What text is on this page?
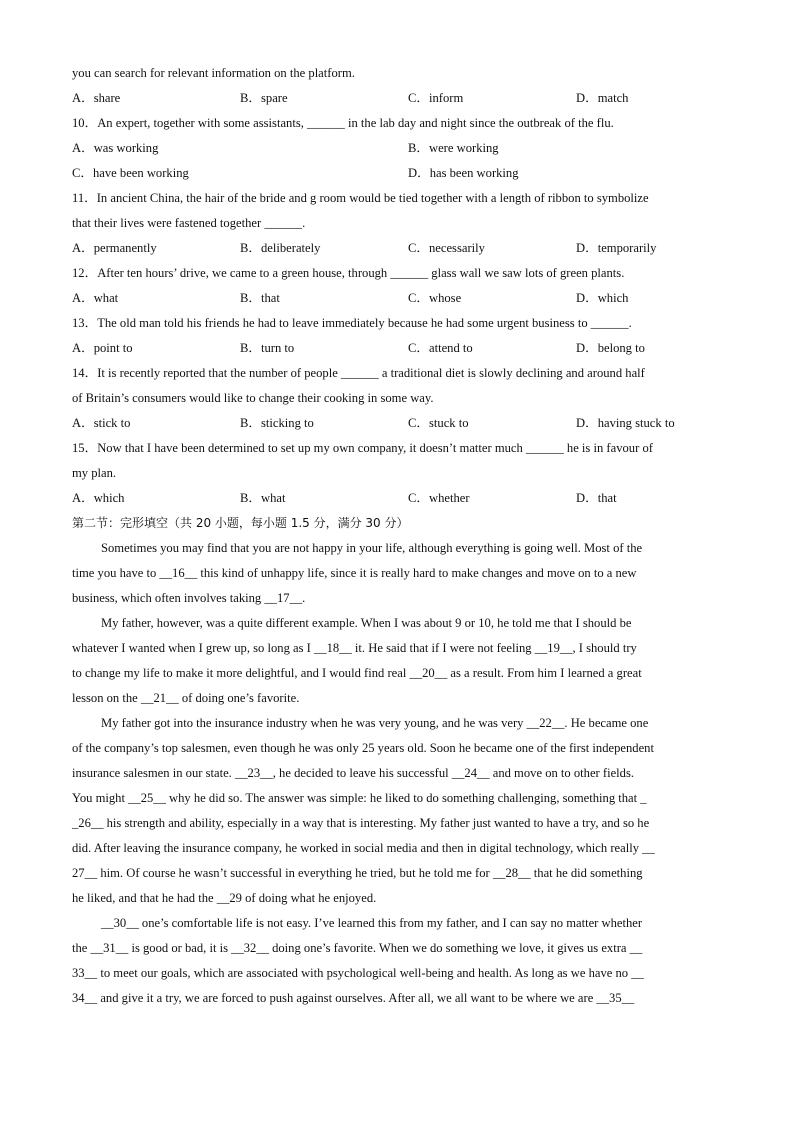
you can search for relevant information on the platform.
A．share	B．spare	C．inform	D．match
10．An expert, together with some assistants, ______ in the lab day and night since the outbreak of the flu.
A．was working	B．were working
C．have been working	D．has been working
11．In ancient China, the hair of the bride and g room would be tied together with a length of ribbon to symbolize
that their lives were fastened together ______.
A．permanently	B．deliberately	C．necessarily	D．temporarily
12．After ten hours’ drive, we came to a green house, through ______ glass wall we saw lots of green plants.
A．what	B．that	C．whose	D．which
13．The old man told his friends he had to leave immediately because he had some urgent business to ______.
A．point to	B．turn to	C．attend to	D．belong to
14．It is recently reported that the number of people ______ a traditional diet is slowly declining and around half
of Britain’s consumers would like to change their cooking in some way.
A．stick to	B．sticking to	C．stuck to	D．having stuck to
15．Now that I have been determined to set up my own company, it doesn’t matter much ______ he is in favour of
my plan.
A．which	B．what	C．whether	D．that
第二节：完形填空（共 20 小题，每小题 1.5 分，满分 30 分）
Sometimes you may find that you are not happy in your life, although everything is going well. Most of the
time you have to __16__ this kind of unhappy life, since it is really hard to make changes and move on to a new
business, which often involves taking __17__.
My father, however, was a quite different example. When I was about 9 or 10, he told me that I should be
whatever I wanted when I grew up, so long as I __18__ it. He said that if I were not feeling __19__, I should try
to change my life to make it more delightful, and I would find real __20__ as a result. From him I learned a great
lesson on the __21__ of doing one’s favorite.
My father got into the insurance industry when he was very young, and he was very __22__. He became one
of the company’s top salesmen, even though he was only 25 years old. Soon he became one of the first independent
insurance salesmen in our state. __23__, he decided to leave his successful __24__ and move on to other fields.
You might __25__ why he did so. The answer was simple: he liked to do something challenging, something that _
_26__ his strength and ability, especially in a way that is interesting. My father just wanted to have a try, and so he
did. After leaving the insurance company, he worked in social media and then in digital technology, which really __
27__ him. Of course he wasn’t successful in everything he tried, but he told me for __28__ that he did something
he liked, and that he had the __29 of doing what he enjoyed.
__30__ one’s comfortable life is not easy. I’ve learned this from my father, and I can say no matter whether
the __31__ is good or bad, it is __32__ doing one’s favorite. When we do something we love, it gives us extra __
33__ to meet our goals, which are associated with psychological well-being and health. As long as we have no __
34__ and give it a try, we are forced to push against ourselves. After all, we all want to be where we are __35__
